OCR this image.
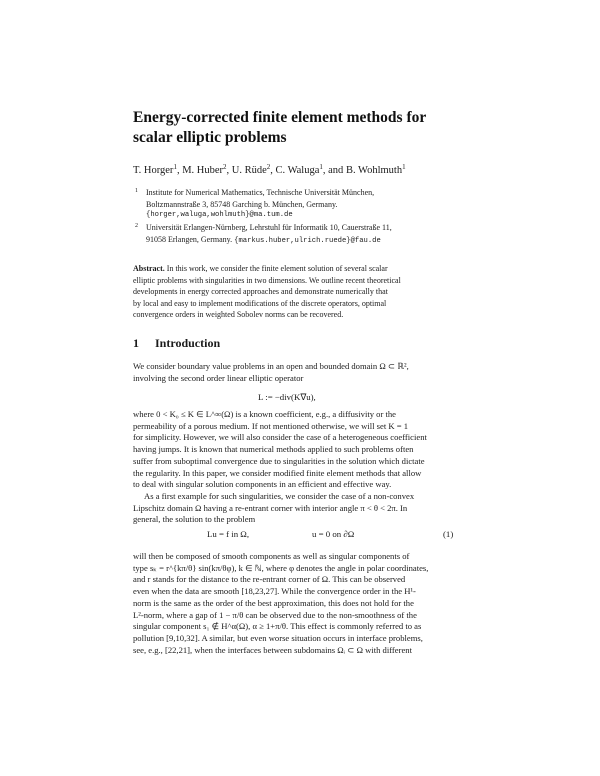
Energy-corrected finite element methods for
scalar elliptic problems
T. Horger$^1$, M. Huber$^2$, U. Rüde$^2$, C. Waluga$^1$, and B. Wohlmuth$^1$
1	Institute for Numerical Mathematics, Technische Universität München,
Boltzmannstraße 3, 85748 Garching b. München, Germany.
{horger,waluga,wohlmuth}@ma.tum.de
2	Universität Erlangen-Nürnberg, Lehrstuhl für Informatik 10, Cauerstraße 11,
91058 Erlangen, Germany. {markus.huber,ulrich.ruede}@fau.de
Abstract. In this work, we consider the finite element solution of several scalar
elliptic problems with singularities in two dimensions. We outline recent theoretical
developments in energy corrected approaches and demonstrate numerically that
by local and easy to implement modifications of the discrete operators, optimal
convergence orders in weighted Sobolev norms can be recovered.
1 Introduction
We consider boundary value problems in an open and bounded domain Ω ⊂ ℝ²,
involving the second order linear elliptic operator
L := −div(K∇u),
where 0 < K₀ ≤ K ∈ L^∞(Ω) is a known coefficient, e.g., a diffusivity or the
permeability of a porous medium. If not mentioned otherwise, we will set K = 1
for simplicity. However, we will also consider the case of a heterogeneous coefficient
having jumps. It is known that numerical methods applied to such problems often
suffer from suboptimal convergence due to singularities in the solution which dictate
the regularity. In this paper, we consider modified finite element methods that allow
to deal with singular solution components in an efficient and effective way.
As a first example for such singularities, we consider the case of a non-convex
Lipschitz domain Ω having a re-entrant corner with interior angle π < θ < 2π. In
general, the solution to the problem
Lu = f in Ω,	u = 0 on ∂Ω	(1)
will then be composed of smooth components as well as singular components of
type sₖ = r^{kπ/θ} sin(kπ/θφ), k ∈ ℕ, where φ denotes the angle in polar coordinates,
and r stands for the distance to the re-entrant corner of Ω. This can be observed
even when the data are smooth [18,23,27]. While the convergence order in the H¹-
norm is the same as the order of the best approximation, this does not hold for the
L²-norm, where a gap of 1 − π/θ can be observed due to the non-smoothness of the
singular component s₁ ∉ H^α(Ω), α ≥ 1+π/θ. This effect is commonly referred to as
pollution [9,10,32]. A similar, but even worse situation occurs in interface problems,
see, e.g., [22,21], when the interfaces between subdomains Ωᵢ ⊂ Ω with different
